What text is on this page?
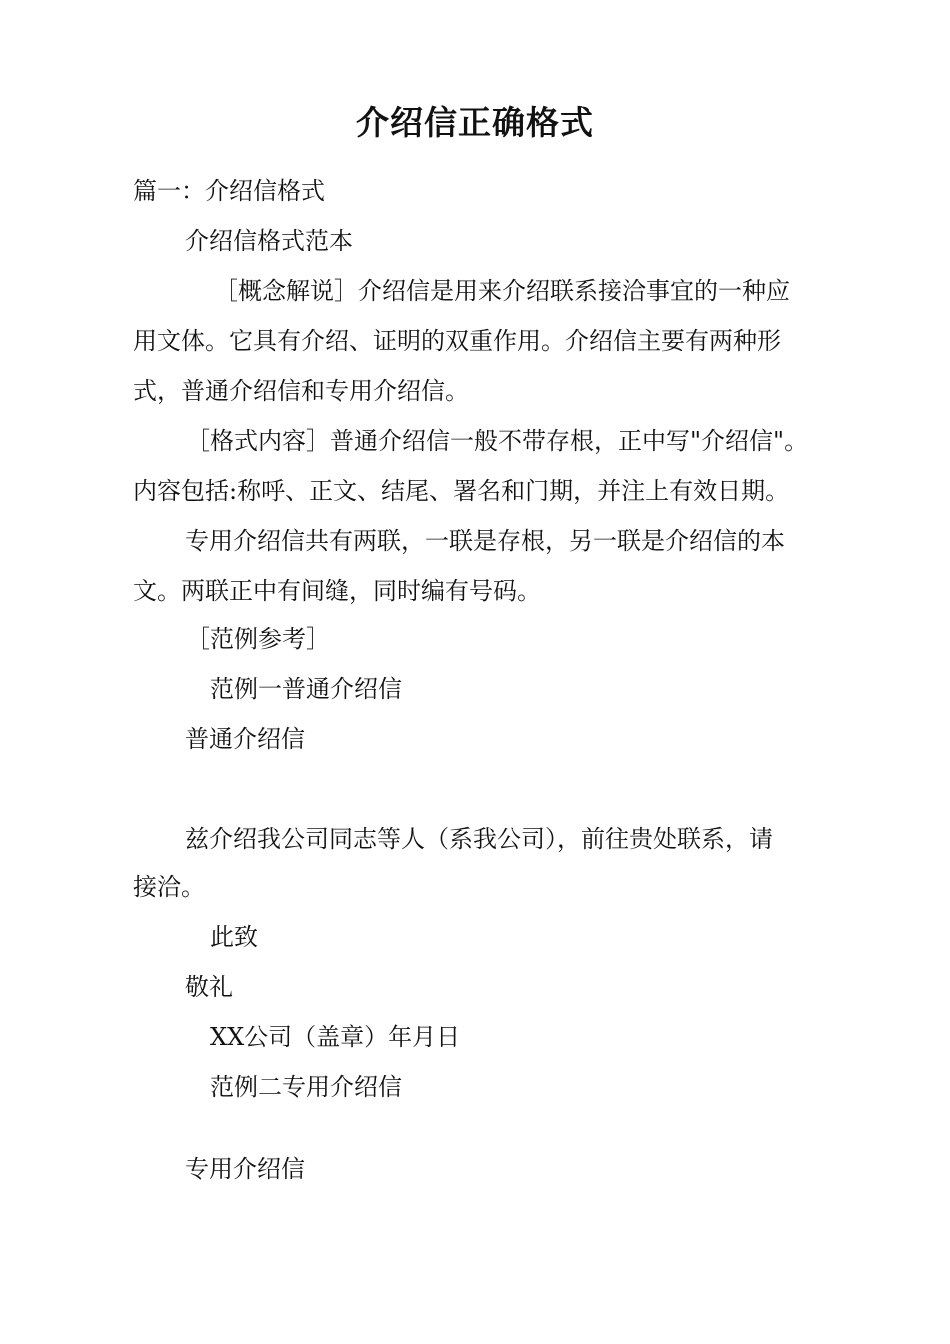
介绍信正确格式
篇一：介绍信格式
介绍信格式范本
［概念解说］介绍信是用来介绍联系接洽事宜的一种应
用文体。它具有介绍、证明的双重作用。介绍信主要有两种形
式，普通介绍信和专用介绍信。
［格式内容］普通介绍信一般不带存根，正中写"介绍信"。
内容包括:称呼、正文、结尾、署名和门期，并注上有效日期。
专用介绍信共有两联，一联是存根，另一联是介绍信的本
文。两联正中有间缝，同时编有号码。
［范例参考］
范例一普通介绍信
普通介绍信
兹介绍我公司同志等人（系我公司），前往贵处联系，请
接洽。
此致
敬礼
XX公司（盖章）年月日
范例二专用介绍信
专用介绍信
